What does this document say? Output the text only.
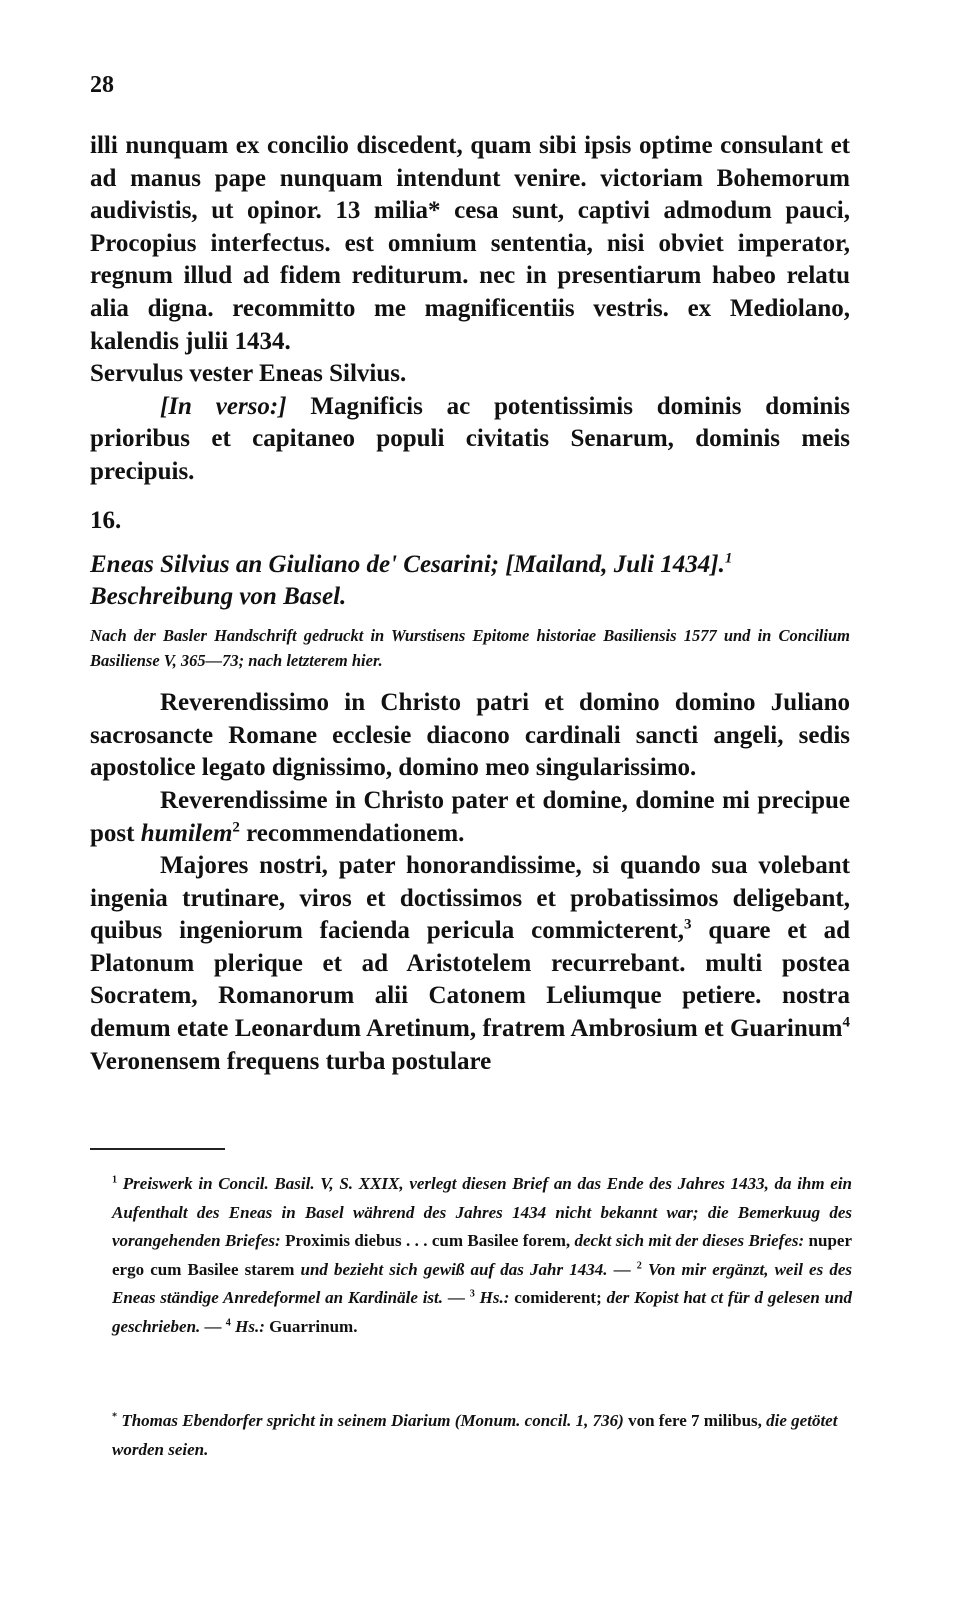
28

illi nunquam ex concilio discedent, quam sibi ipsis optime consulant et ad manus pape nunquam intendunt venire. victoriam Bohemorum audivistis, ut opinor. 13 milia* cesa sunt, captivi admodum pauci, Procopius interfectus. est omnium sententia, nisi obviet imperator, regnum illud ad fidem rediturum. nec in presentiarum habeo relatu alia digna. recommitto me magnificentiis vestris. ex Mediolano, kalendis julii 1434.

Servulus vester Eneas Silvius.

[In verso:] Magnificis ac potentissimis dominis dominis prioribus et capitaneo populi civitatis Senarum, dominis meis precipuis.

16.

Eneas Silvius an Giuliano de' Cesarini; [Mailand, Juli 1434].$^1$
Beschreibung von Basel.

Nach der Basler Handschrift gedruckt in Wurstisens Epitome historiae Basiliensis 1577 und in Concilium Basiliense V, 365—73; nach letzterem hier.

Reverendissimo in Christo patri et domino domino Juliano sacrosancte Romane ecclesie diacono cardinali sancti angeli, sedis apostolice legato dignissimo, domino meo singularissimo.

Reverendissime in Christo pater et domine, domine mi precipue post humilem$^2$ recommendationem.

Majores nostri, pater honorandissime, si quando sua volebant ingenia trutinare, viros et doctissimos et probatissimos deligebant, quibus ingeniorum facienda pericula commicterent,$^3$ quare et ad Platonum plerique et ad Aristotelem recurrebant. multi postea Socratem, Romanorum alii Catonem Leliumque petiere. nostra demum etate Leonardum Aretinum, fratrem Ambrosium et Guarinum$^4$ Veronensem frequens turba postulare

$^1$ Preiswerk in Concil. Basil. V, S. XXIX, verlegt diesen Brief an das Ende des Jahres 1433, da ihm ein Aufenthalt des Eneas in Basel während des Jahres 1434 nicht bekannt war; die Bemerkuug des vorangehenden Briefes: Proximis diebus . . . cum Basilee forem, deckt sich mit der dieses Briefes: nuper ergo cum Basilee starem und bezieht sich gewiß auf das Jahr 1434. — $^2$ Von mir ergänzt, weil es des Eneas ständige Anredeformel an Kardinäle ist. — $^3$ Hs.: comiderent; der Kopist hat ct für d gelesen und geschrieben. — $^4$ Hs.: Guarrinum.

* Thomas Ebendorfer spricht in seinem Diarium (Monum. concil. 1, 736) von fere 7 milibus, die getötet worden seien.
